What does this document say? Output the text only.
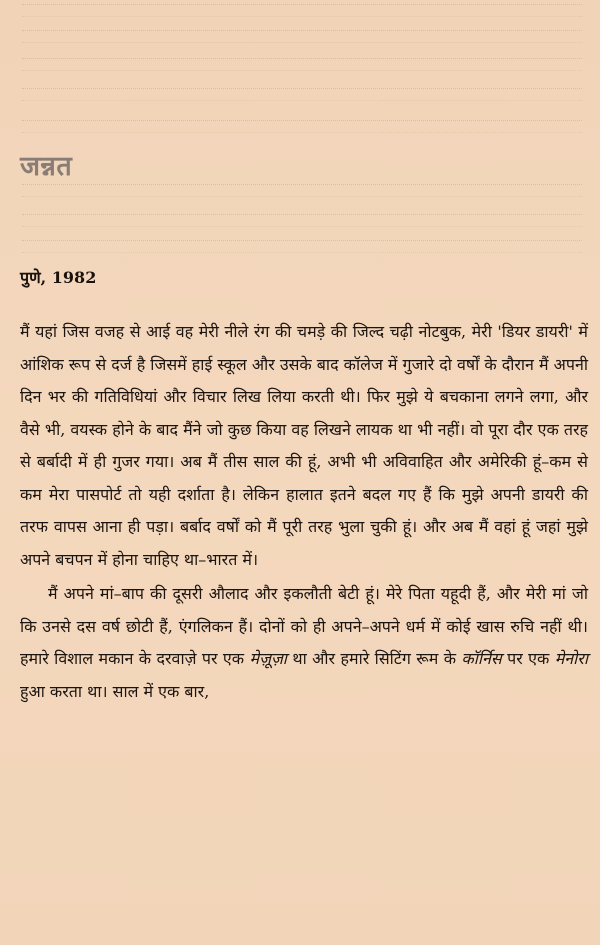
जन्नत
पुणे, 1982

मैं यहां जिस वजह से आई वह मेरी नीले रंग की चमड़े की जिल्द चढ़ी नोटबुक, मेरी 'डियर डायरी' में आंशिक रूप से दर्ज है जिसमें हाई स्कूल और उसके बाद कॉलेज में गुजारे दो वर्षों के दौरान मैं अपनी दिन भर की गतिविधियां और विचार लिख लिया करती थी। फिर मुझे ये बचकाना लगने लगा, और वैसे भी, वयस्क होने के बाद मैंने जो कुछ किया वह लिखने लायक था भी नहीं। वो पूरा दौर एक तरह से बर्बादी में ही गुजर गया। अब मैं तीस साल की हूं, अभी भी अविवाहित और अमेरिकी हूं–कम से कम मेरा पासपोर्ट तो यही दर्शाता है। लेकिन हालात इतने बदल गए हैं कि मुझे अपनी डायरी की तरफ वापस आना ही पड़ा। बर्बाद वर्षों को मैं पूरी तरह भुला चुकी हूं। और अब मैं वहां हूं जहां मुझे अपने बचपन में होना चाहिए था–भारत में।

मैं अपने मां–बाप की दूसरी औलाद और इकलौती बेटी हूं। मेरे पिता यहूदी हैं, और मेरी मां जो कि उनसे दस वर्ष छोटी हैं, एंगलिकन हैं। दोनों को ही अपने–अपने धर्म में कोई खास रुचि नहीं थी। हमारे विशाल मकान के दरवाज़े पर एक मेज़ूज़ा था और हमारे सिटिंग रूम के कॉर्निस पर एक मेनोरा हुआ करता था। साल में एक बार,
